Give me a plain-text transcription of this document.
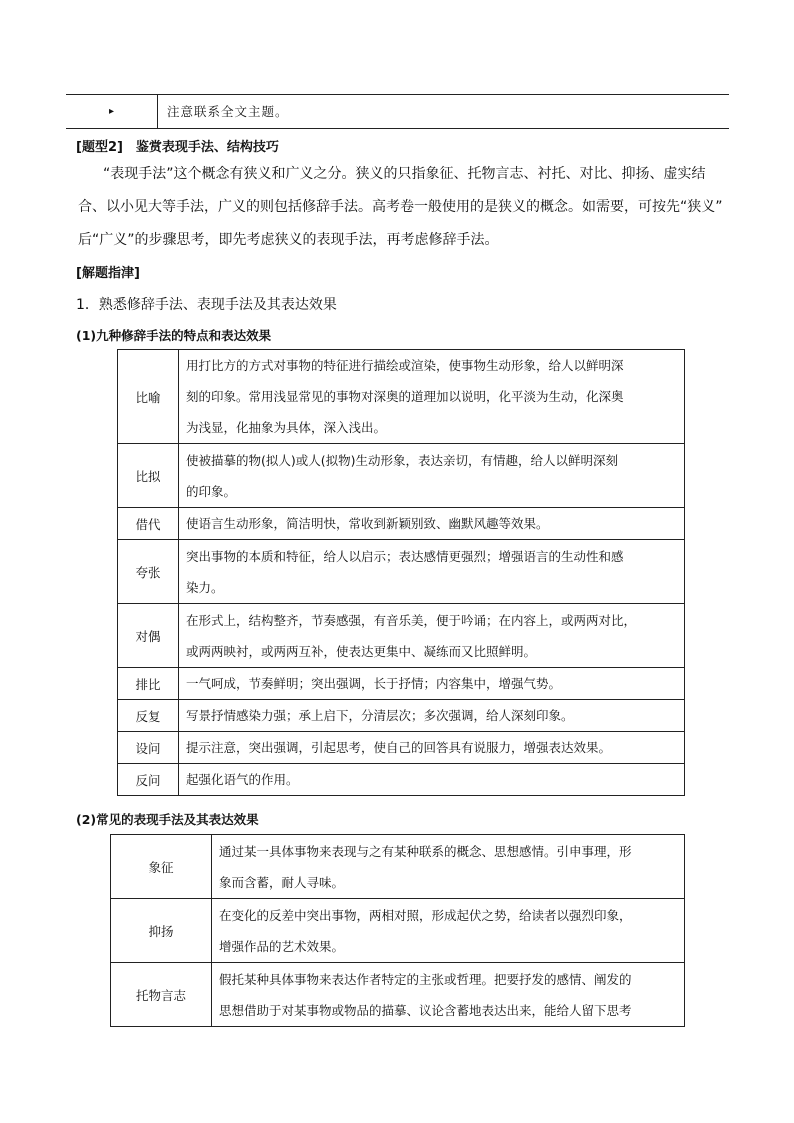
▸	注意联系全文主题。
[题型2]　鉴赏表现手法、结构技巧

“表现手法”这个概念有狭义和广义之分。狭义的只指象征、托物言志、衬托、对比、抑扬、虚实结

合、以小见大等手法，广义的则包括修辞手法。高考卷一般使用的是狭义的概念。如需要，可按先“狭义”

后“广义”的步骤思考，即先考虑狭义的表现手法，再考虑修辞手法。

[解题指津]
1．熟悉修辞手法、表现手法及其表达效果
(1)九种修辞手法的特点和表达效果
比喻	用打比方的方式对事物的特征进行描绘或渲染，使事物生动形象，给人以鲜明深
刻的印象。常用浅显常见的事物对深奥的道理加以说明，化平淡为生动，化深奥
为浅显，化抽象为具体，深入浅出。

比拟	使被描摹的物(拟人)或人(拟物)生动形象，表达亲切，有情趣，给人以鲜明深刻
的印象。

借代	使语言生动形象，简洁明快，常收到新颖别致、幽默风趣等效果。

夸张	突出事物的本质和特征，给人以启示；表达感情更强烈；增强语言的生动性和感
染力。

对偶	在形式上，结构整齐，节奏感强，有音乐美，便于吟诵；在内容上，或两两对比，
或两两映衬，或两两互补，使表达更集中、凝练而又比照鲜明。

排比	一气呵成，节奏鲜明；突出强调，长于抒情；内容集中，增强气势。

反复	写景抒情感染力强；承上启下，分清层次；多次强调，给人深刻印象。

设问	提示注意，突出强调，引起思考，使自己的回答具有说服力，增强表达效果。

反问	起强化语气的作用。
(2)常见的表现手法及其表达效果
象征	通过某一具体事物来表现与之有某种联系的概念、思想感情。引申事理，形
象而含蓄，耐人寻味。

抑扬	在变化的反差中突出事物，两相对照，形成起伏之势，给读者以强烈印象，
增强作品的艺术效果。

托物言志	假托某种具体事物来表达作者特定的主张或哲理。把要抒发的感情、阐发的
思想借助于对某事物或物品的描摹、议论含蓄地表达出来，能给人留下思考
